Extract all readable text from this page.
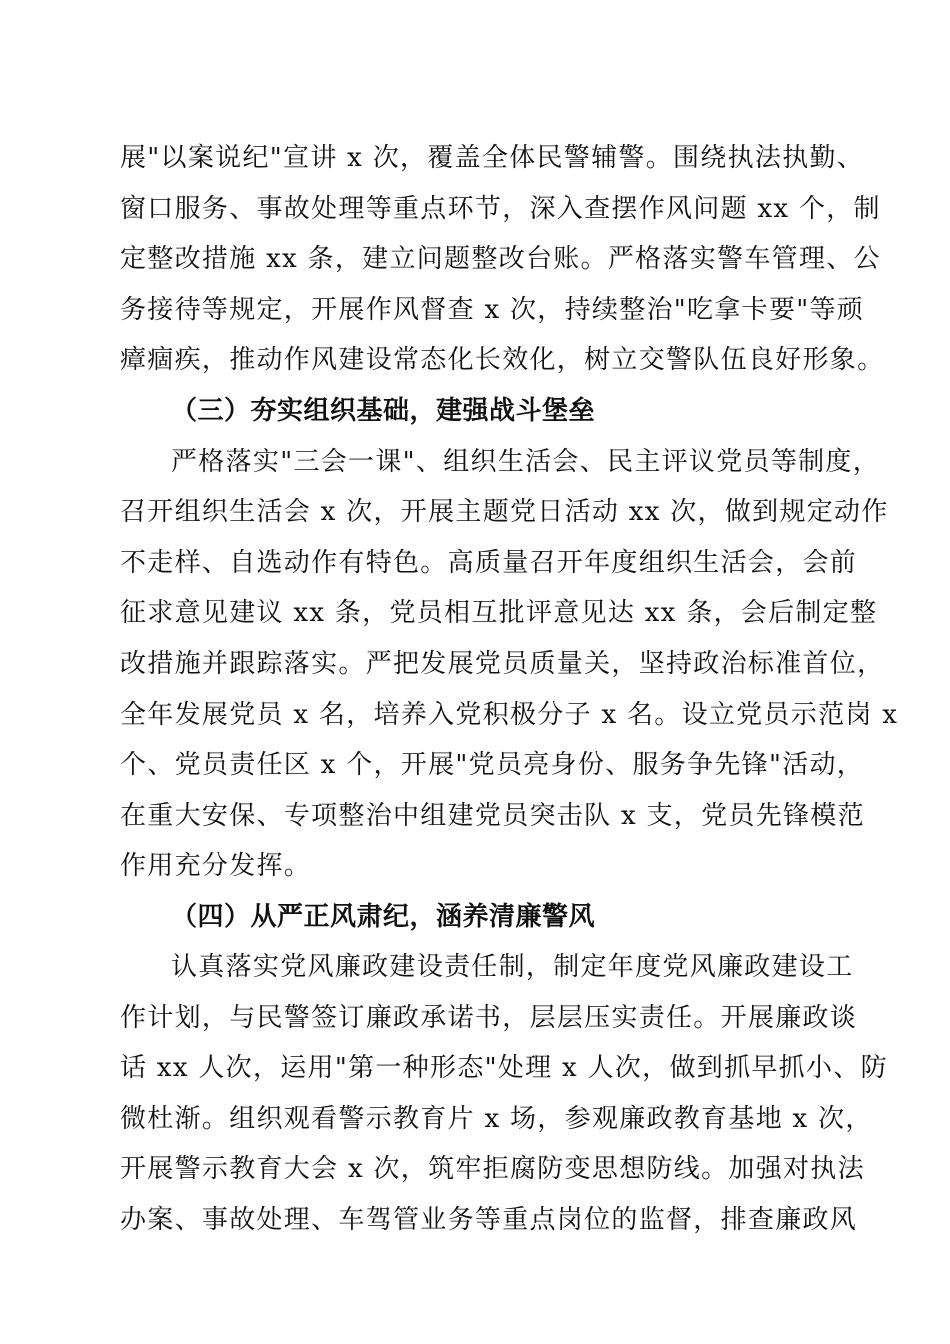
展"以案说纪"宣讲 x 次，覆盖全体民警辅警。围绕执法执勤、
窗口服务、事故处理等重点环节，深入查摆作风问题 xx 个，制
定整改措施 xx 条，建立问题整改台账。严格落实警车管理、公
务接待等规定，开展作风督查 x 次，持续整治"吃拿卡要"等顽
瘴痼疾，推动作风建设常态化长效化，树立交警队伍良好形象。
（三）夯实组织基础，建强战斗堡垒
严格落实"三会一课"、组织生活会、民主评议党员等制度，
召开组织生活会 x 次，开展主题党日活动 xx 次，做到规定动作
不走样、自选动作有特色。高质量召开年度组织生活会，会前
征求意见建议 xx 条，党员相互批评意见达 xx 条，会后制定整
改措施并跟踪落实。严把发展党员质量关，坚持政治标准首位，
全年发展党员 x 名，培养入党积极分子 x 名。设立党员示范岗 x
个、党员责任区 x 个，开展"党员亮身份、服务争先锋"活动，
在重大安保、专项整治中组建党员突击队 x 支，党员先锋模范
作用充分发挥。
（四）从严正风肃纪，涵养清廉警风
认真落实党风廉政建设责任制，制定年度党风廉政建设工
作计划，与民警签订廉政承诺书，层层压实责任。开展廉政谈
话 xx 人次，运用"第一种形态"处理 x 人次，做到抓早抓小、防
微杜渐。组织观看警示教育片 x 场，参观廉政教育基地 x 次，
开展警示教育大会 x 次，筑牢拒腐防变思想防线。加强对执法
办案、事故处理、车驾管业务等重点岗位的监督，排查廉政风
